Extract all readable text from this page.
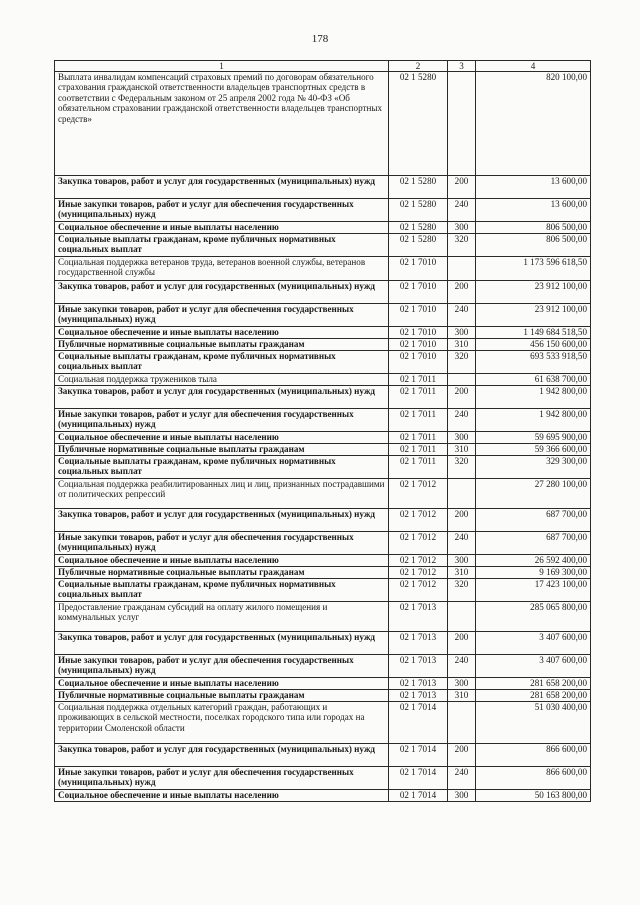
178
1	2	3	4
Выплата инвалидам компенсаций страховых премий по договорам обязательного страхования гражданской ответственности владельцев транспортных средств в соответствии с Федеральным законом от 25 апреля 2002 года № 40-ФЗ «Об обязательном страховании гражданской ответственности владельцев транспортных средств»	02 1 5280		820 100,00
Закупка товаров, работ и услуг для государственных (муниципальных) нужд	02 1 5280	200	13 600,00
Иные закупки товаров, работ и услуг для обеспечения государственных (муниципальных) нужд	02 1 5280	240	13 600,00
Социальное обеспечение и иные выплаты населению	02 1 5280	300	806 500,00
Социальные выплаты гражданам, кроме публичных нормативных социальных выплат	02 1 5280	320	806 500,00
Социальная поддержка ветеранов труда, ветеранов военной службы, ветеранов государственной службы	02 1 7010		1 173 596 618,50
Закупка товаров, работ и услуг для государственных (муниципальных) нужд	02 1 7010	200	23 912 100,00
Иные закупки товаров, работ и услуг для обеспечения государственных (муниципальных) нужд	02 1 7010	240	23 912 100,00
Социальное обеспечение и иные выплаты населению	02 1 7010	300	1 149 684 518,50
Публичные нормативные социальные выплаты гражданам	02 1 7010	310	456 150 600,00
Социальные выплаты гражданам, кроме публичных нормативных социальных выплат	02 1 7010	320	693 533 918,50
Социальная поддержка тружеников тыла	02 1 7011		61 638 700,00
Закупка товаров, работ и услуг для государственных (муниципальных) нужд	02 1 7011	200	1 942 800,00
Иные закупки товаров, работ и услуг для обеспечения государственных (муниципальных) нужд	02 1 7011	240	1 942 800,00
Социальное обеспечение и иные выплаты населению	02 1 7011	300	59 695 900,00
Публичные нормативные социальные выплаты гражданам	02 1 7011	310	59 366 600,00
Социальные выплаты гражданам, кроме публичных нормативных социальных выплат	02 1 7011	320	329 300,00
Социальная поддержка реабилитированных лиц и лиц, признанных пострадавшими от политических репрессий	02 1 7012		27 280 100,00
Закупка товаров, работ и услуг для государственных (муниципальных) нужд	02 1 7012	200	687 700,00
Иные закупки товаров, работ и услуг для обеспечения государственных (муниципальных) нужд	02 1 7012	240	687 700,00
Социальное обеспечение и иные выплаты населению	02 1 7012	300	26 592 400,00
Публичные нормативные социальные выплаты гражданам	02 1 7012	310	9 169 300,00
Социальные выплаты гражданам, кроме публичных нормативных социальных выплат	02 1 7012	320	17 423 100,00
Предоставление гражданам субсидий на оплату жилого помещения и коммунальных услуг	02 1 7013		285 065 800,00
Закупка товаров, работ и услуг для государственных (муниципальных) нужд	02 1 7013	200	3 407 600,00
Иные закупки товаров, работ и услуг для обеспечения государственных (муниципальных) нужд	02 1 7013	240	3 407 600,00
Социальное обеспечение и иные выплаты населению	02 1 7013	300	281 658 200,00
Публичные нормативные социальные выплаты гражданам	02 1 7013	310	281 658 200,00
Социальная поддержка отдельных категорий граждан, работающих и проживающих в сельской местности, поселках городского типа или городах на территории Смоленской области	02 1 7014		51 030 400,00
Закупка товаров, работ и услуг для государственных (муниципальных) нужд	02 1 7014	200	866 600,00
Иные закупки товаров, работ и услуг для обеспечения государственных (муниципальных) нужд	02 1 7014	240	866 600,00
Социальное обеспечение и иные выплаты населению	02 1 7014	300	50 163 800,00
